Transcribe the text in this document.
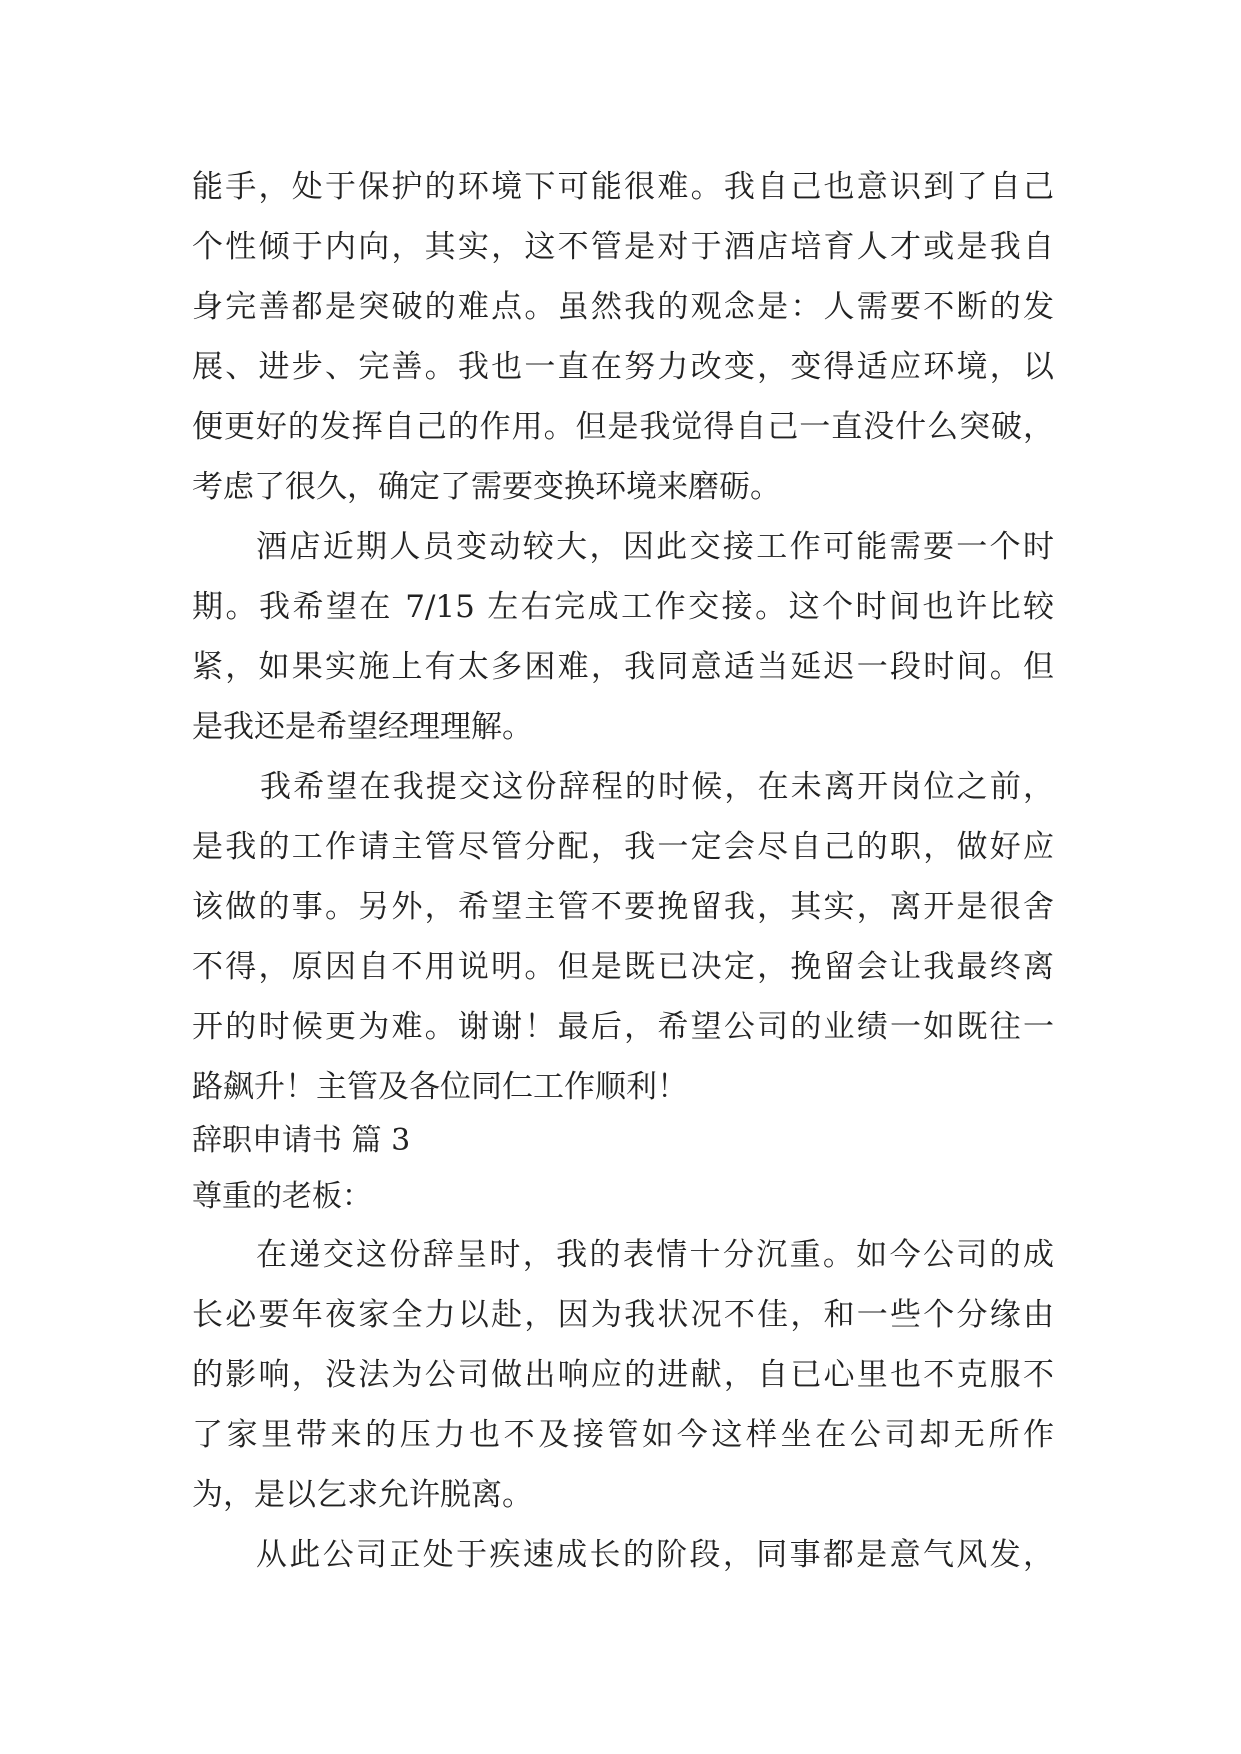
能手，处于保护的环境下可能很难。我自己也意识到了自己
个性倾于内向，其实，这不管是对于酒店培育人才或是我自
身完善都是突破的难点。虽然我的观念是：人需要不断的发
展、进步、完善。我也一直在努力改变，变得适应环境，以
便更好的发挥自己的作用。但是我觉得自己一直没什么突破，
考虑了很久，确定了需要变换环境来磨砺。
酒店近期人员变动较大，因此交接工作可能需要一个时
期。我希望在 7/15 左右完成工作交接。这个时间也许比较
紧，如果实施上有太多困难，我同意适当延迟一段时间。但
是我还是希望经理理解。
我希望在我提交这份辞程的时候，在未离开岗位之前，
是我的工作请主管尽管分配，我一定会尽自己的职，做好应
该做的事。另外，希望主管不要挽留我，其实，离开是很舍
不得，原因自不用说明。但是既已决定，挽留会让我最终离
开的时候更为难。谢谢！最后，希望公司的业绩一如既往一
路飙升！主管及各位同仁工作顺利！
辞职申请书 篇 3
尊重的老板：
在递交这份辞呈时，我的表情十分沉重。如今公司的成
长必要年夜家全力以赴，因为我状况不佳，和一些个分缘由
的影响，没法为公司做出响应的进献，自已心里也不克服不
了家里带来的压力也不及接管如今这样坐在公司却无所作
为，是以乞求允许脱离。
从此公司正处于疾速成长的阶段，同事都是意气风发，
